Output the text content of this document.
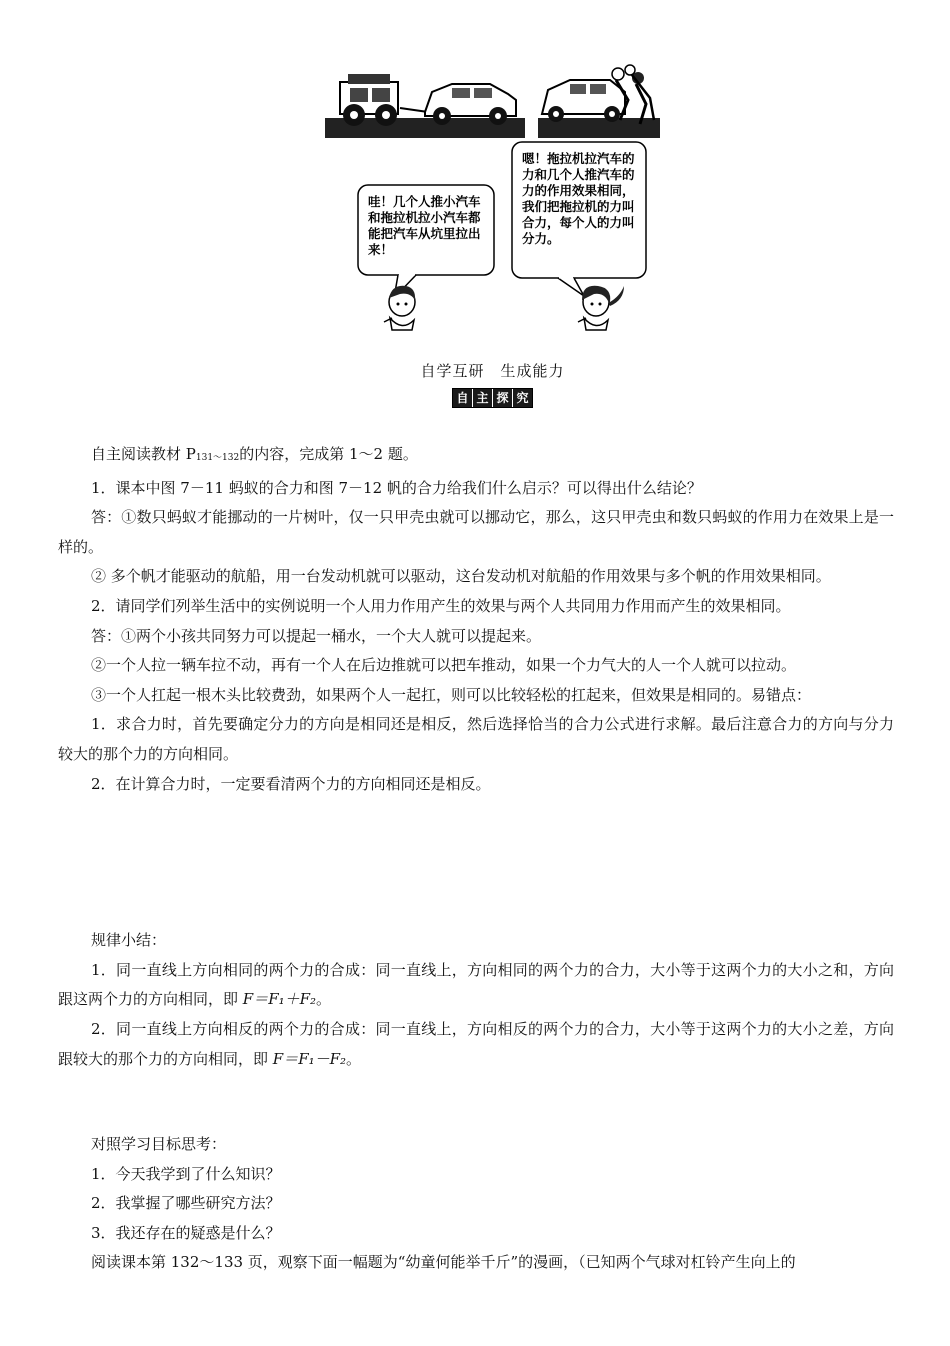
哇！几个人推小汽车和拖拉机拉小汽车都能把汽车从坑里拉出来！
嗯！拖拉机拉汽车的力和几个人推汽车的力的作用效果相同，我们把拖拉机的力叫合力，每个人的力叫分力。
自学互研　生成能力
自 主 探 究

自主阅读教材 P131～132的内容，完成第 1～2 题。

1．课本中图 7－11 蚂蚁的合力和图 7－12 帆的合力给我们什么启示？可以得出什么结论？

答：①数只蚂蚁才能挪动的一片树叶，仅一只甲壳虫就可以挪动它，那么，这只甲壳虫和数只蚂蚁的作用力在效果上是一样的。

② 多个帆才能驱动的航船，用一台发动机就可以驱动，这台发动机对航船的作用效果与多个帆的作用效果相同。

2．请同学们列举生活中的实例说明一个人用力作用产生的效果与两个人共同用力作用而产生的效果相同。

答：①两个小孩共同努力可以提起一桶水，一个大人就可以提起来。

②一个人拉一辆车拉不动，再有一个人在后边推就可以把车推动，如果一个力气大的人一个人就可以拉动。

③一个人扛起一根木头比较费劲，如果两个人一起扛，则可以比较轻松的扛起来，但效果是相同的。易错点：

1．求合力时，首先要确定分力的方向是相同还是相反，然后选择恰当的合力公式进行求解。最后注意合力的方向与分力较大的那个力的方向相同。

2．在计算合力时，一定要看清两个力的方向相同还是相反。

规律小结：

1．同一直线上方向相同的两个力的合成：同一直线上，方向相同的两个力的合力，大小等于这两个力的大小之和，方向跟这两个力的方向相同，即 F＝F₁＋F₂。

2．同一直线上方向相反的两个力的合成：同一直线上，方向相反的两个力的合力，大小等于这两个力的大小之差，方向跟较大的那个力的方向相同，即 F＝F₁－F₂。

对照学习目标思考：

1．今天我学到了什么知识？

2．我掌握了哪些研究方法？

3．我还存在的疑惑是什么？

阅读课本第 132～133 页，观察下面一幅题为“幼童何能举千斤”的漫画，（已知两个气球对杠铃产生向上的
